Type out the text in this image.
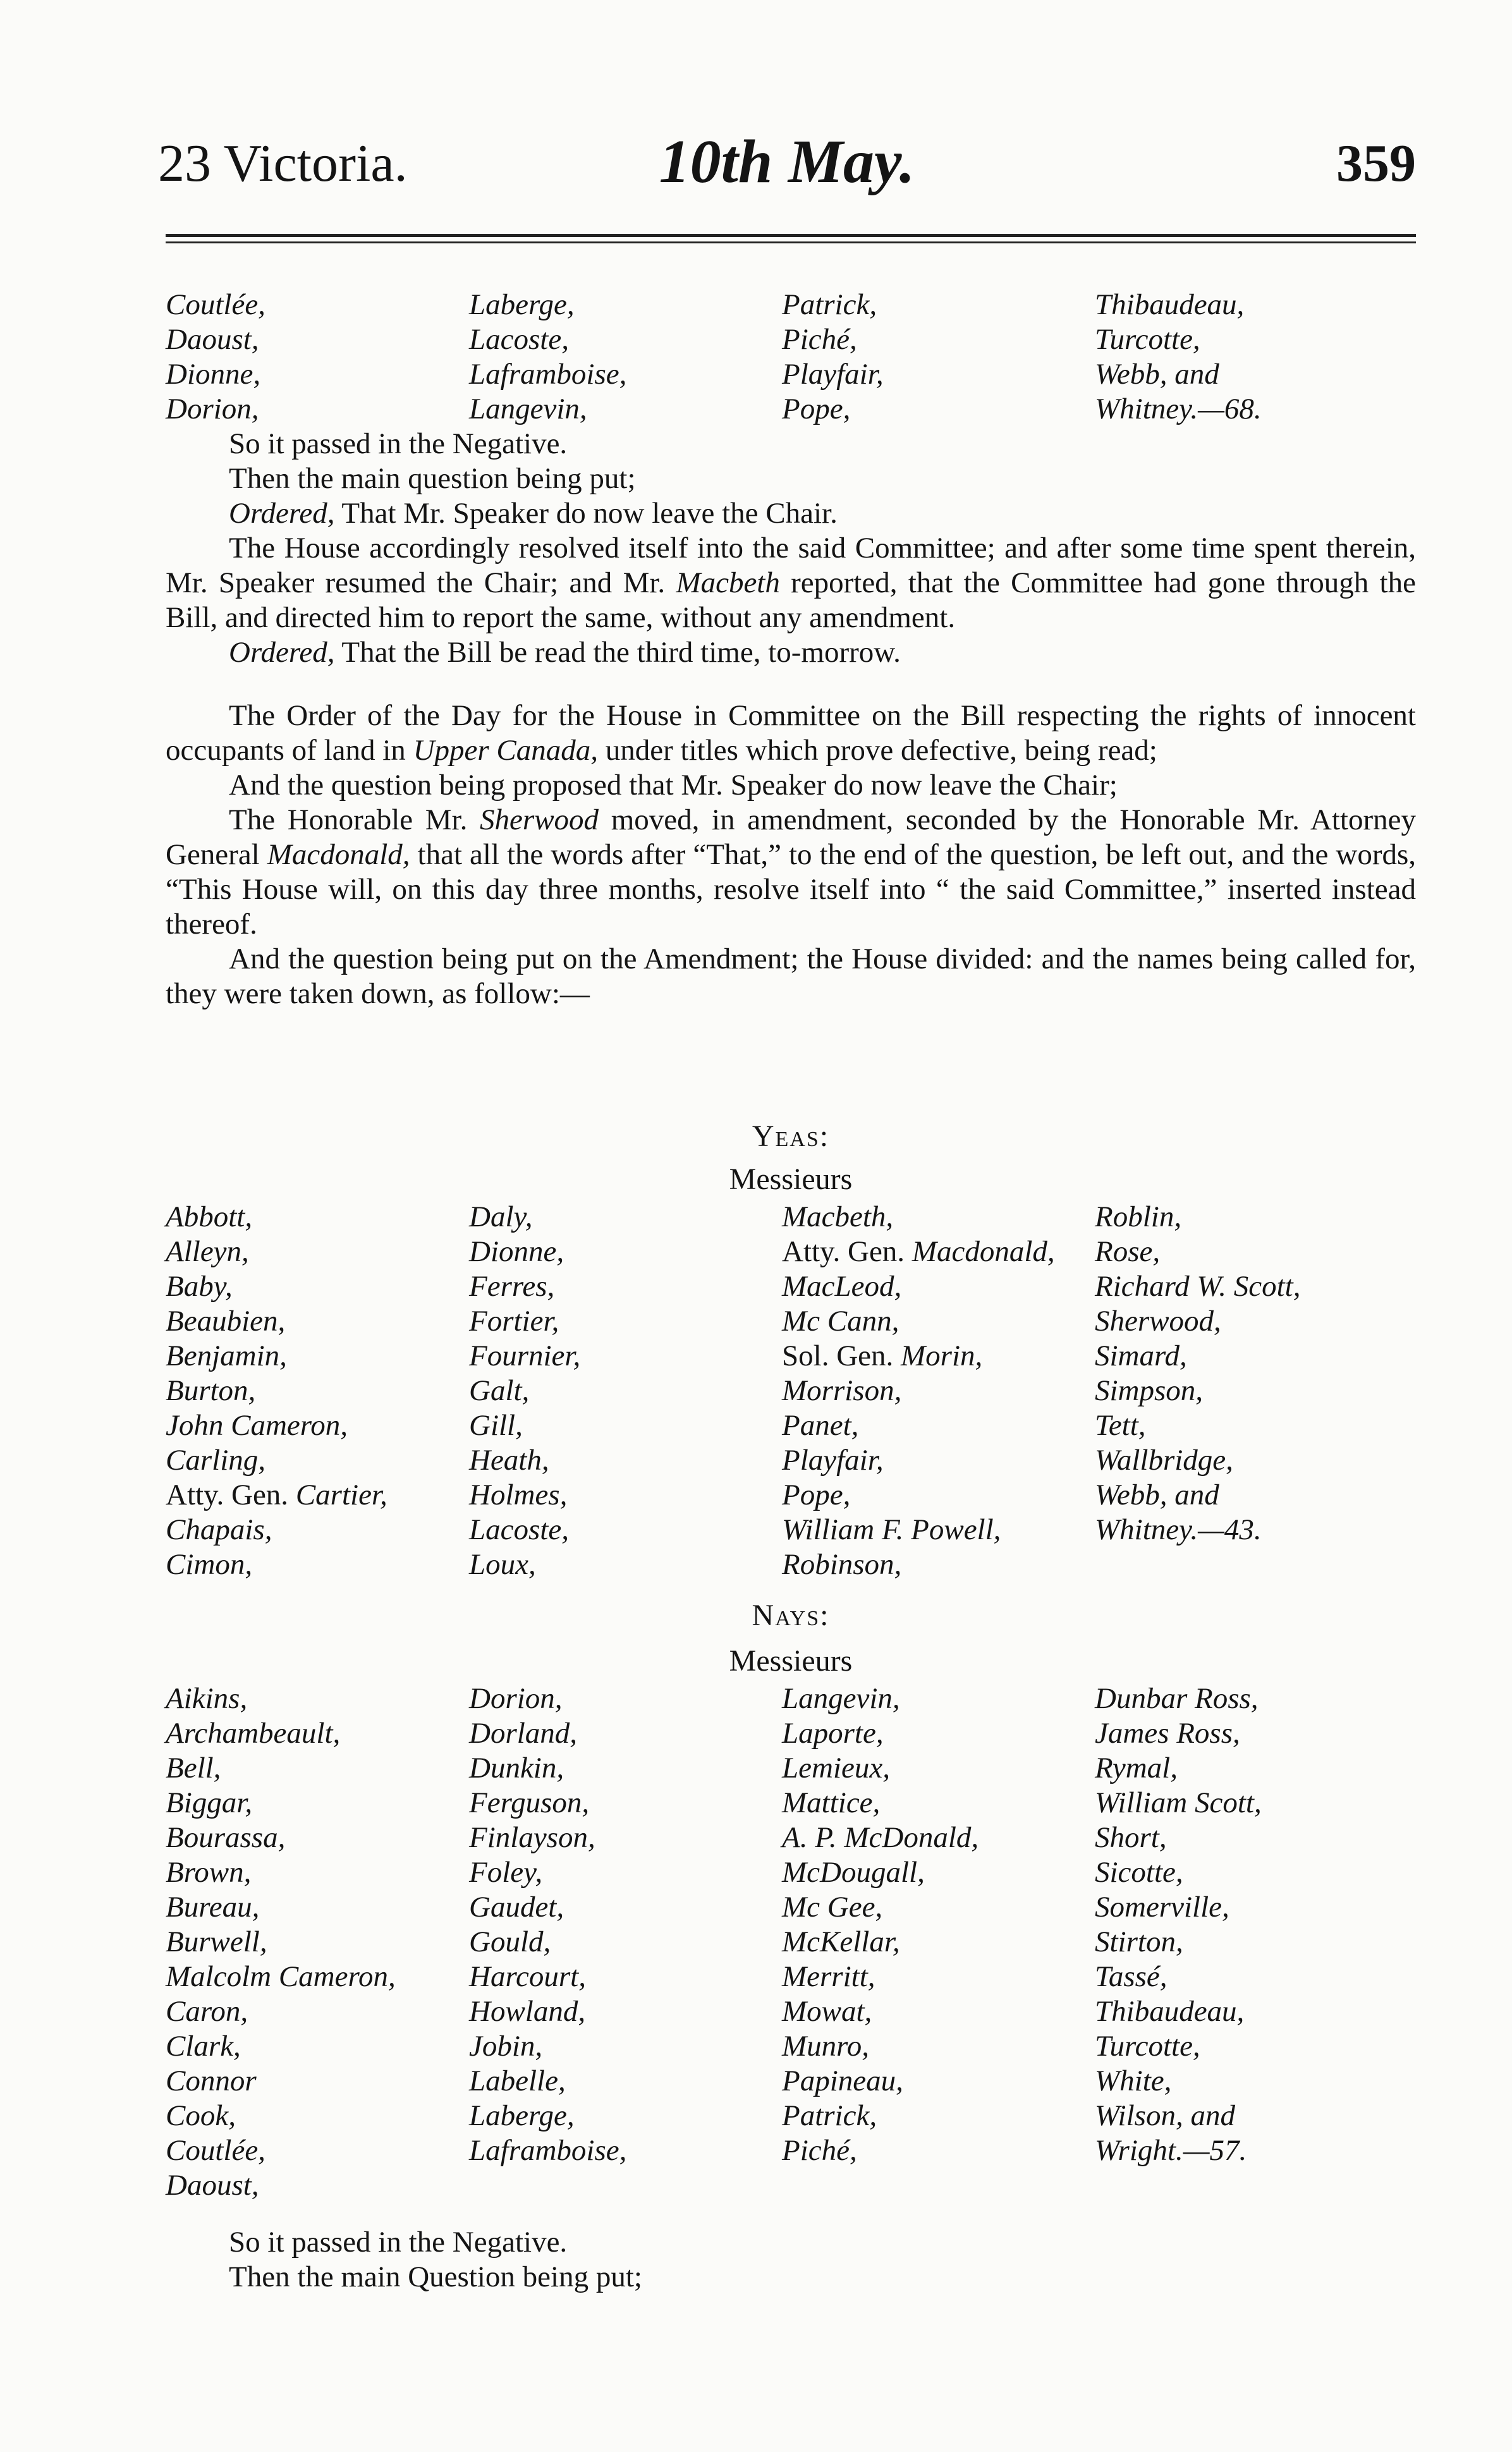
23 Victoria.	10th May.	359
Coutlée,	Laberge,	Patrick,	Thibaudeau,
Daoust,	Lacoste,	Piché,	Turcotte,
Dionne,	Laframboise,	Playfair,	Webb, and
Dorion,	Langevin,	Pope,	Whitney.—68.

So it passed in the Negative.

Then the main question being put;

Ordered, That Mr. Speaker do now leave the Chair.

The House accordingly resolved itself into the said Committee; and after some time spent therein, Mr. Speaker resumed the Chair; and Mr. Macbeth reported, that the Committee had gone through the Bill, and directed him to report the same, without any amendment.

Ordered, That the Bill be read the third time, to-morrow.

The Order of the Day for the House in Committee on the Bill respecting the rights of innocent occupants of land in Upper Canada, under titles which prove defective, being read;

And the question being proposed that Mr. Speaker do now leave the Chair;

The Honorable Mr. Sherwood moved, in amendment, seconded by the Honorable Mr. Attorney General Macdonald, that all the words after “That,” to the end of the question, be left out, and the words, “This House will, on this day three months, resolve itself into “ the said Committee,” inserted instead thereof.

And the question being put on the Amendment; the House divided: and the names being called for, they were taken down, as follow:—

Yeas:
Messieurs
Abbott,	Daly,	Macbeth,	Roblin,
Alleyn,	Dionne,	Atty. Gen. Macdonald, Rose,
Baby,	Ferres,	MacLeod,	Richard W. Scott,
Beaubien,	Fortier,	Mc Cann,	Sherwood,
Benjamin,	Fournier,	Sol. Gen. Morin,	Simard,
Burton,	Galt,	Morrison,	Simpson,
John Cameron,	Gill,	Panet,	Tett,
Carling,	Heath,	Playfair,	Wallbridge,
Atty. Gen. Cartier,	Holmes,	Pope,	Webb, and
Chapais,	Lacoste,	William F. Powell,	Whitney.—43.
Cimon,	Loux,	Robinson,
Nays:
Messieurs
Aikins,	Dorion,	Langevin,	Dunbar Ross,
Archambeault,	Dorland,	Laporte,	James Ross,
Bell,	Dunkin,	Lemieux,	Rymal,
Biggar,	Ferguson,	Mattice,	William Scott,
Bourassa,	Finlayson,	A. P. McDonald,	Short,
Brown,	Foley,	McDougall,	Sicotte,
Bureau,	Gaudet,	Mc Gee,	Somerville,
Burwell,	Gould,	McKellar,	Stirton,
Malcolm Cameron, Harcourt,	Merritt,	Tassé,
Caron,	Howland,	Mowat,	Thibaudeau,
Clark,	Jobin,	Munro,	Turcotte,
Connor	Labelle,	Papineau,	White,
Cook,	Laberge,	Patrick,	Wilson, and
Coutlée,	Laframboise,	Piché,	Wright.—57.
Daoust,

So it passed in the Negative.

Then the main Question being put;
